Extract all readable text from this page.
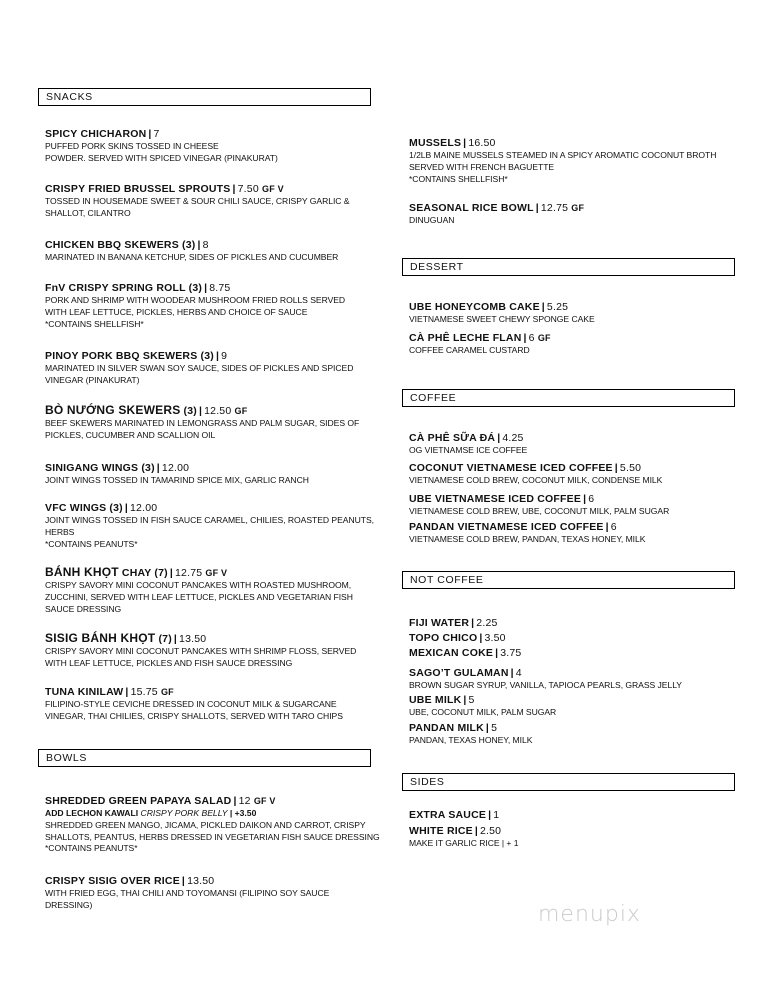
SNACKS
SPICY CHICHARON | 7
PUFFED PORK SKINS TOSSED IN CHEESE
POWDER. SERVED WITH SPICED VINEGAR (PINAKURAT)
CRISPY FRIED BRUSSEL SPROUTS | 7.50 GF V
TOSSED IN HOUSEMADE SWEET & SOUR CHILI SAUCE, CRISPY GARLIC &
SHALLOT, CILANTRO
CHICKEN BBQ SKEWERS (3) | 8
MARINATED IN BANANA KETCHUP, SIDES OF PICKLES AND CUCUMBER
FnV CRISPY SPRING ROLL (3) | 8.75
PORK AND SHRIMP WITH WOODEAR MUSHROOM FRIED ROLLS SERVED
WITH LEAF LETTUCE, PICKLES, HERBS AND CHOICE OF SAUCE
*CONTAINS SHELLFISH*
PINOY PORK BBQ SKEWERS (3) | 9
MARINATED IN SILVER SWAN SOY SAUCE, SIDES OF PICKLES AND SPICED
VINEGAR (PINAKURAT)
BÒ NƯỚNG SKEWERS (3) | 12.50 GF
BEEF SKEWERS MARINATED IN LEMONGRASS AND PALM SUGAR, SIDES OF
PICKLES, CUCUMBER AND SCALLION OIL
SINIGANG WINGS (3) | 12.00
JOINT WINGS TOSSED IN TAMARIND SPICE MIX, GARLIC RANCH
VFC WINGS (3) | 12.00
JOINT WINGS TOSSED IN FISH SAUCE CARAMEL, CHILIES, ROASTED PEANUTS,
HERBS
*CONTAINS PEANUTS*
BÁNH KHỌT CHAY (7) | 12.75 GF V
CRISPY SAVORY MINI COCONUT PANCAKES WITH ROASTED MUSHROOM,
ZUCCHINI, SERVED WITH LEAF LETTUCE, PICKLES AND VEGETARIAN FISH
SAUCE DRESSING
SISIG BÁNH KHỌT (7) | 13.50
CRISPY SAVORY MINI COCONUT PANCAKES WITH SHRIMP FLOSS, SERVED
WITH LEAF LETTUCE, PICKLES AND FISH SAUCE DRESSING
TUNA KINILAW | 15.75 GF
FILIPINO-STYLE CEVICHE DRESSED IN COCONUT MILK & SUGARCANE
VINEGAR, THAI CHILIES, CRISPY SHALLOTS, SERVED WITH TARO CHIPS
BOWLS
SHREDDED GREEN PAPAYA SALAD | 12 GF V
ADD LECHON KAWALI CRISPY PORK BELLY | +3.50
SHREDDED GREEN MANGO, JICAMA, PICKLED DAIKON AND CARROT, CRISPY
SHALLOTS, PEANTUS, HERBS DRESSED IN VEGETARIAN FISH SAUCE DRESSING
*CONTAINS PEANUTS*
CRISPY SISIG OVER RICE | 13.50
WITH FRIED EGG, THAI CHILI AND TOYOMANSI (FILIPINO SOY SAUCE
DRESSING)
MUSSELS | 16.50
1/2LB MAINE MUSSELS STEAMED IN A SPICY AROMATIC COCONUT BROTH
SERVED WITH FRENCH BAGUETTE
*CONTAINS SHELLFISH*
SEASONAL RICE BOWL | 12.75 GF
DINUGUAN
DESSERT
UBE HONEYCOMB CAKE | 5.25
VIETNAMESE SWEET CHEWY SPONGE CAKE
CÀ PHÊ LECHE FLAN | 6 GF
COFFEE CARAMEL CUSTARD
COFFEE
CÀ PHÊ SỮA ĐÁ | 4.25
OG VIETNAMSE ICE COFFEE
COCONUT VIETNAMESE ICED COFFEE | 5.50
VIETNAMESE COLD BREW, COCONUT MILK, CONDENSE MILK
UBE VIETNAMESE ICED COFFEE | 6
VIETNAMESE COLD BREW, UBE, COCONUT MILK, PALM SUGAR
PANDAN VIETNAMESE ICED COFFEE | 6
VIETNAMESE COLD BREW, PANDAN, TEXAS HONEY, MILK
NOT COFFEE
FIJI WATER | 2.25
TOPO CHICO | 3.50
MEXICAN COKE | 3.75
SAGO’T GULAMAN | 4
BROWN SUGAR SYRUP, VANILLA, TAPIOCA PEARLS, GRASS JELLY
UBE MILK | 5
UBE, COCONUT MILK, PALM SUGAR
PANDAN MILK | 5
PANDAN, TEXAS HONEY, MILK
SIDES
EXTRA SAUCE | 1
WHITE RICE | 2.50
MAKE IT GARLIC RICE | + 1
menupix
